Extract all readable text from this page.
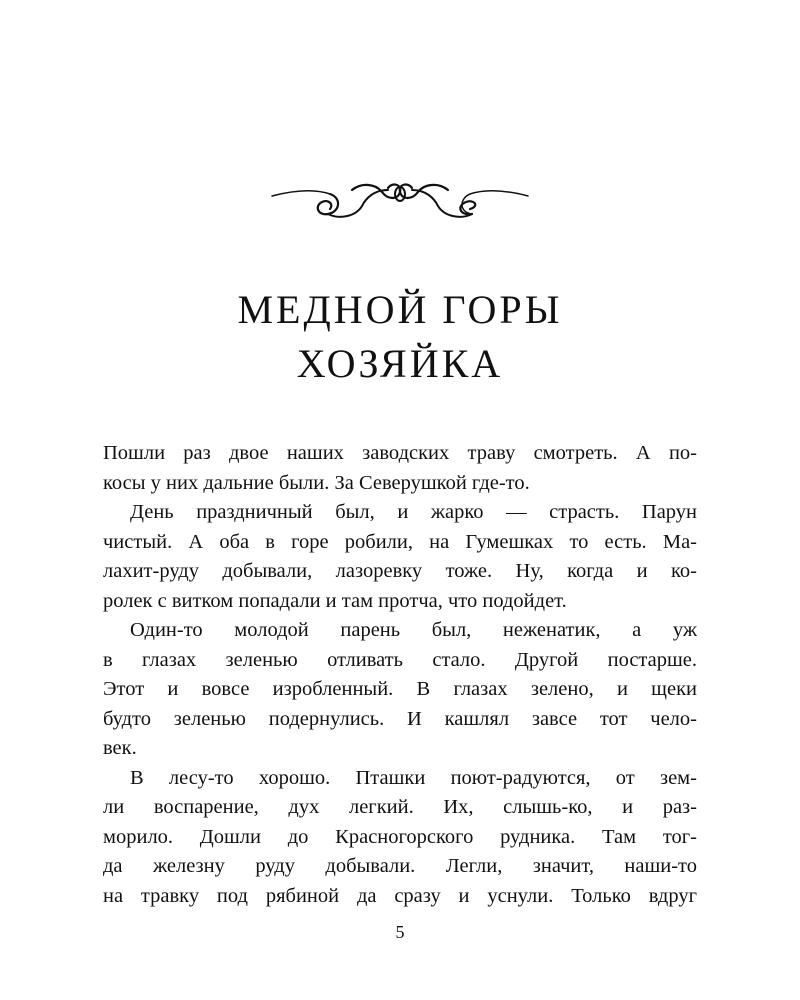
МЕДНОЙ ГОРЫ
ХОЗЯЙКА
Пошли раз двое наших заводских траву смотреть. А по-
косы у них дальние были. За Северушкой где-то.
День праздничный был, и жарко — страсть. Парун
чистый. А оба в горе робили, на Гумешках то есть. Ма-
лахит-руду добывали, лазоревку тоже. Ну, когда и ко-
ролек с витком попадали и там протча, что подойдет.
Один-то молодой парень был, неженатик, а уж
в глазах зеленью отливать стало. Другой постарше.
Этот и вовсе изробленный. В глазах зелено, и щеки
будто зеленью подернулись. И кашлял завсе тот чело-
век.
В лесу-то хорошо. Пташки поют-радуются, от зем-
ли воспарение, дух легкий. Их, слышь-ко, и раз-
морило. Дошли до Красногорского рудника. Там тог-
да железну руду добывали. Легли, значит, наши-то
5
на травку под рябиной да сразу и уснули. Только вдруг
